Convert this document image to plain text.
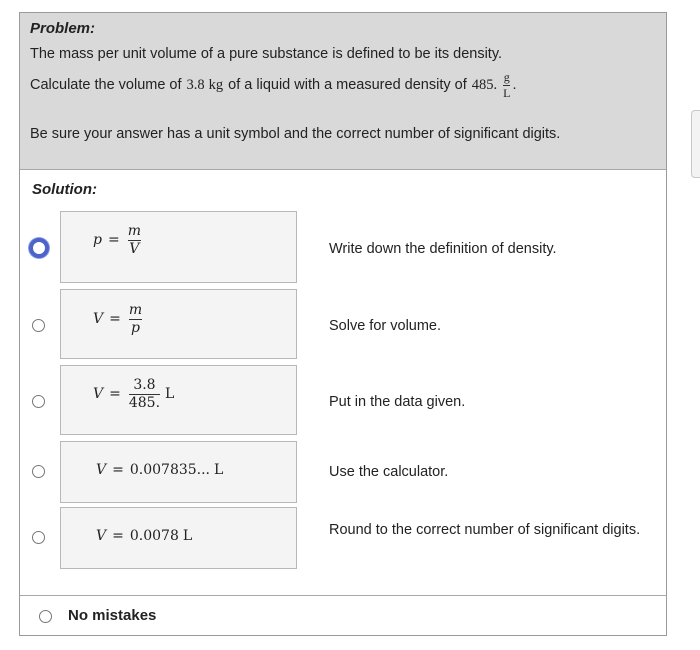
Problem:
The mass per unit volume of a pure substance is defined to be its density.
Calculate the volume of 3.8 kg of a liquid with a measured density of 485. $\frac{g}{L}$ .
Be sure your answer has a unit symbol and the correct number of significant digits.
Solution:
$p = \frac{m}{V}$	Write down the definition of density.
$V = \frac{m}{p}$	Solve for volume.
$V = \frac{3.8}{485.}$ L	Put in the data given.
V = 0.007835... L	Use the calculator.
V = 0.0078 L	Round to the correct number of significant digits.
No mistakes
